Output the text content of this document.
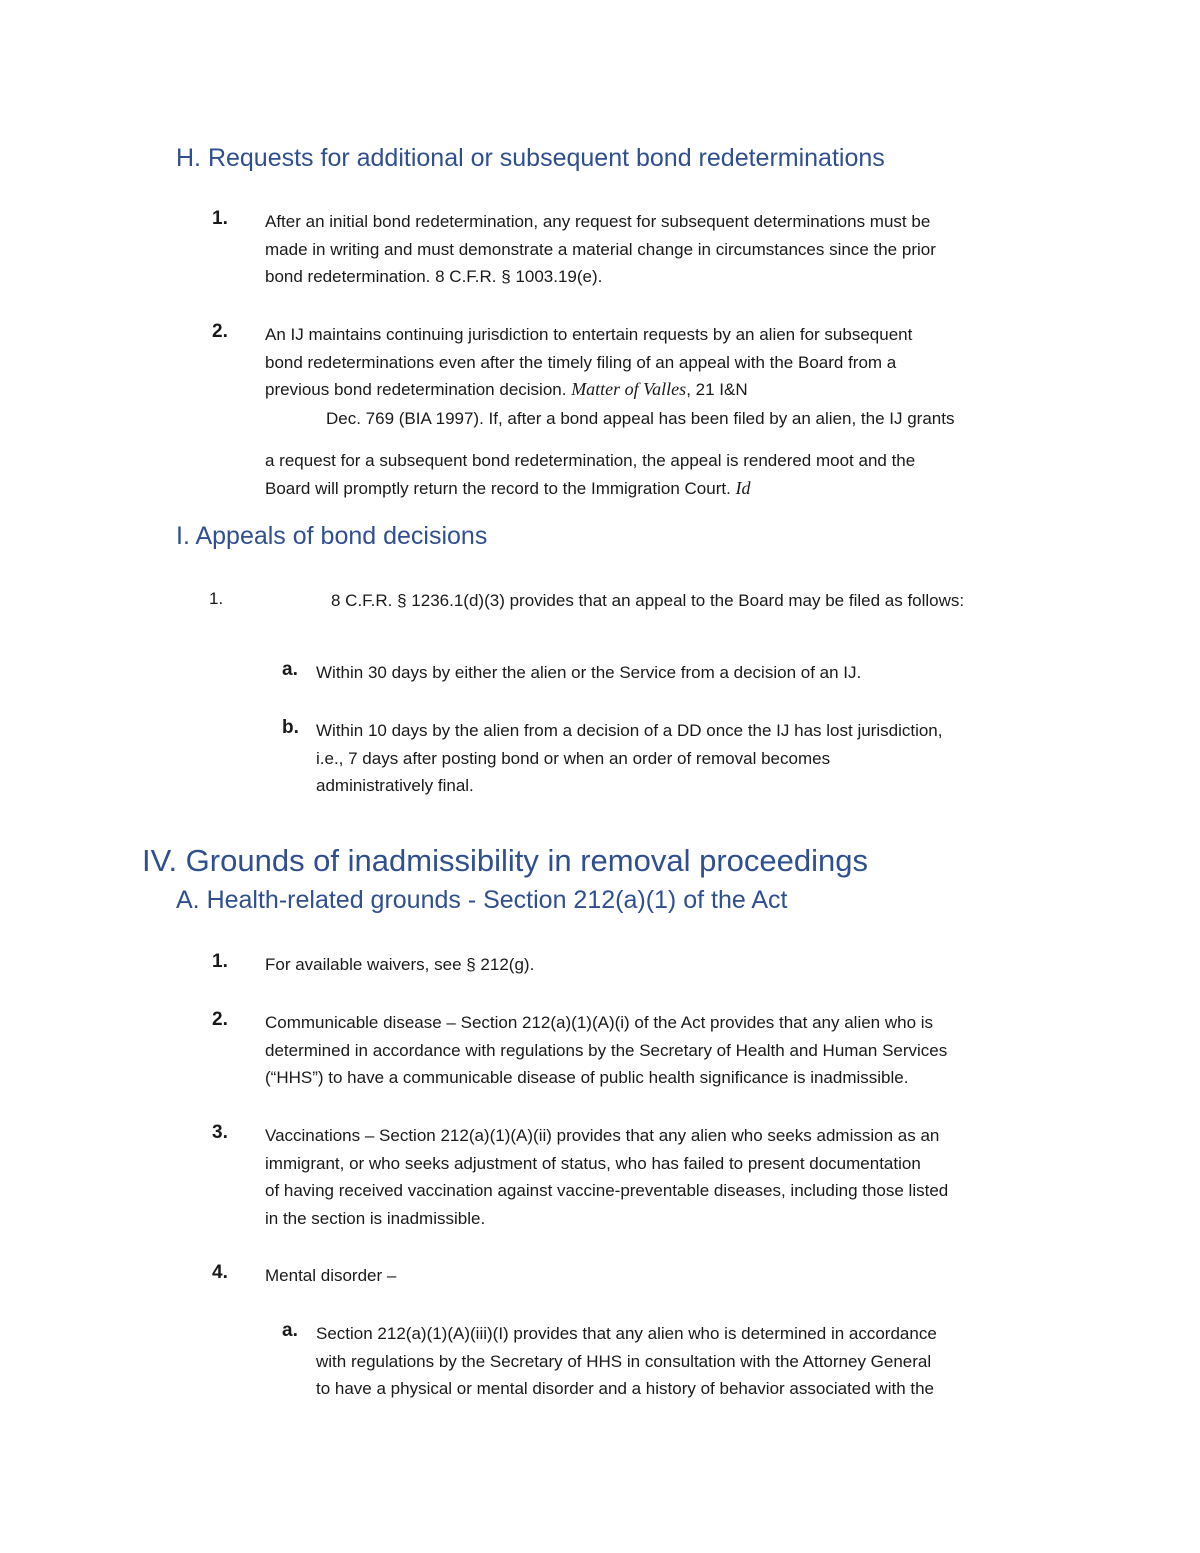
H. Requests for additional or subsequent bond redeterminations
1. After an initial bond redetermination, any request for subsequent determinations must be
made in writing and must demonstrate a material change in circumstances since the prior
bond redetermination. 8 C.F.R. § 1003.19(e).
2. An IJ maintains continuing jurisdiction to entertain requests by an alien for subsequent
bond redeterminations even after the timely filing of an appeal with the Board from a
previous bond redetermination decision. Matter of Valles, 21 I&N
Dec. 769 (BIA 1997). If, after a bond appeal has been filed by an alien, the IJ grants
a request for a subsequent bond redetermination, the appeal is rendered moot and the
Board will promptly return the record to the Immigration Court. Id
I. Appeals of bond decisions
1.	8 C.F.R. § 1236.1(d)(3) provides that an appeal to the Board may be filed as follows:
a. Within 30 days by either the alien or the Service from a decision of an IJ.
b. Within 10 days by the alien from a decision of a DD once the IJ has lost jurisdiction,
i.e., 7 days after posting bond or when an order of removal becomes
administratively final.
IV. Grounds of inadmissibility in removal proceedings
A. Health-related grounds - Section 212(a)(1) of the Act
1. For available waivers, see § 212(g).
2. Communicable disease – Section 212(a)(1)(A)(i) of the Act provides that any alien who is
determined in accordance with regulations by the Secretary of Health and Human Services
(“HHS”) to have a communicable disease of public health significance is inadmissible.
3. Vaccinations – Section 212(a)(1)(A)(ii) provides that any alien who seeks admission as an
immigrant, or who seeks adjustment of status, who has failed to present documentation
of having received vaccination against vaccine-preventable diseases, including those listed
in the section is inadmissible.
4. Mental disorder –
a. Section 212(a)(1)(A)(iii)(I) provides that any alien who is determined in accordance
with regulations by the Secretary of HHS in consultation with the Attorney General
to have a physical or mental disorder and a history of behavior associated with the
